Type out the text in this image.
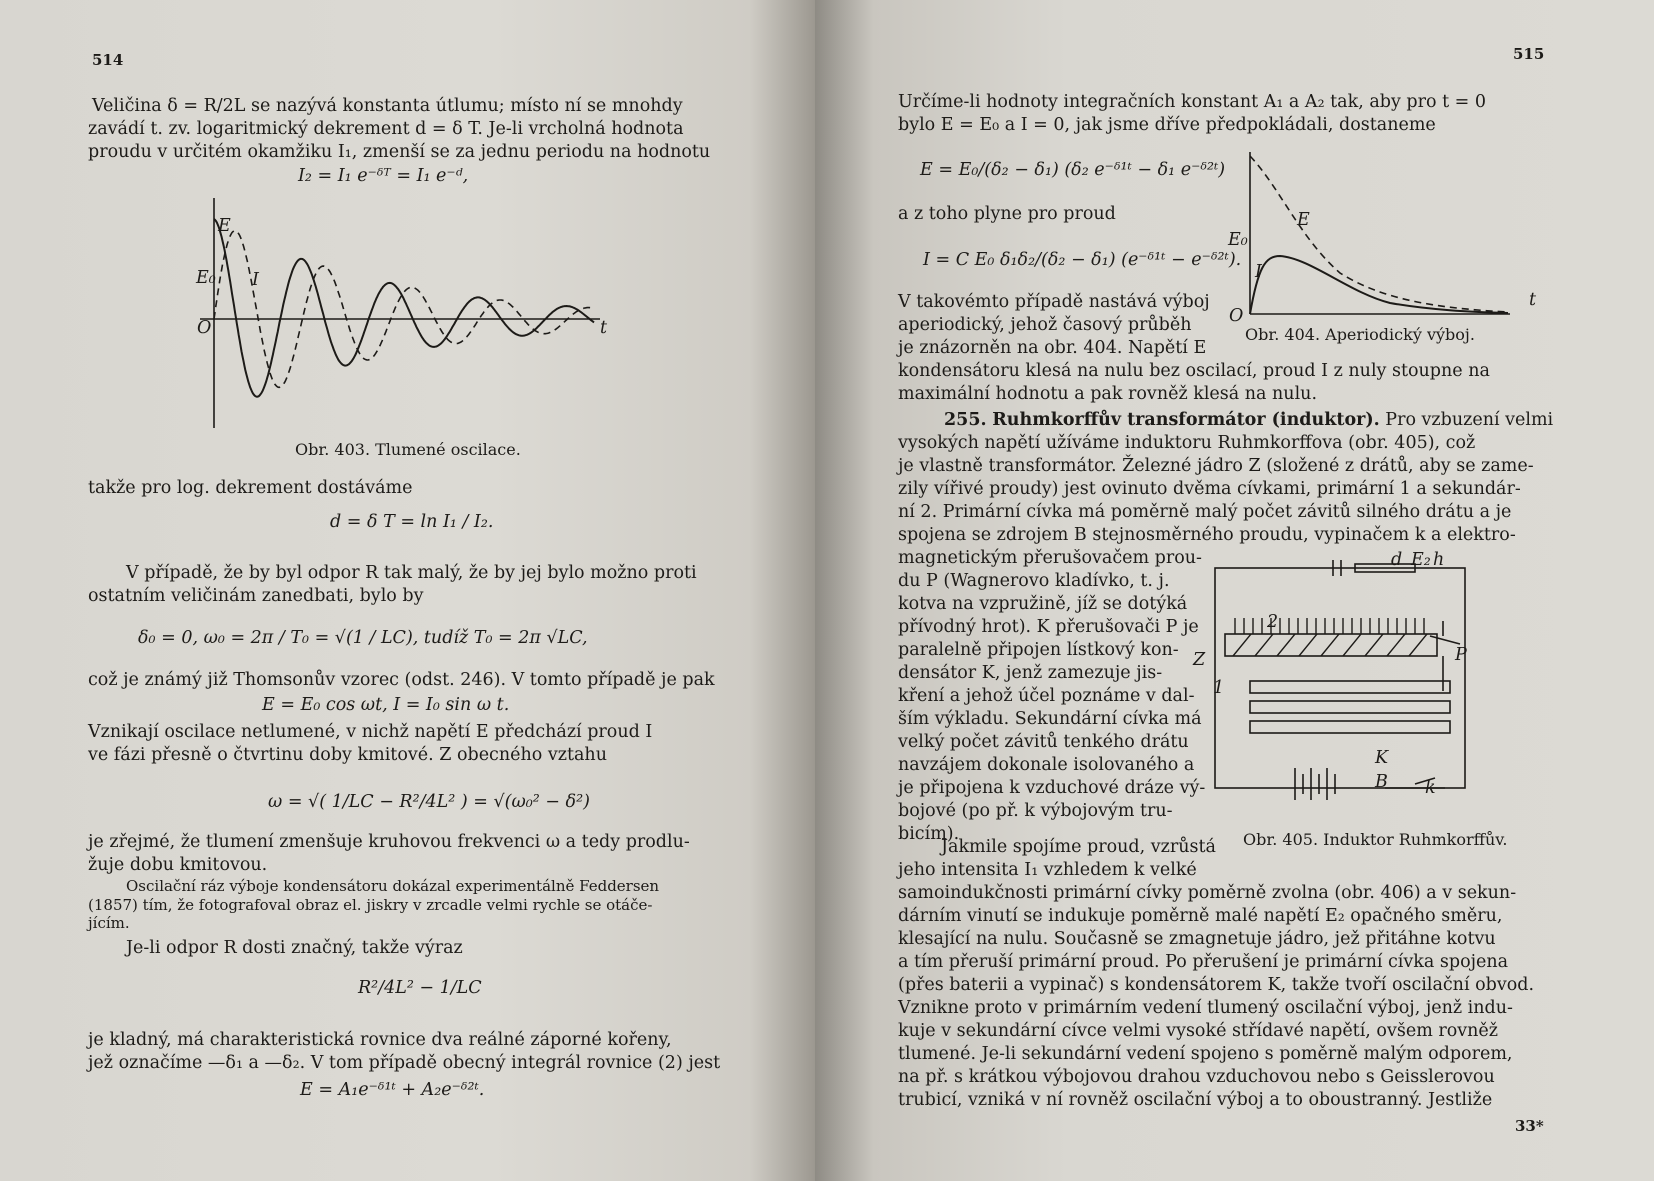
514
Veličina δ = R/2L se nazývá konstanta útlumu; místo ní se mnohdy
zavádí t. zv. logaritmický dekrement d = δ T. Je-li vrcholná hodnota
proudu v určitém okamžiku I₁, zmenší se za jednu periodu na hodnotu
I₂ = I₁ e⁻ᵟᵀ = I₁ e⁻ᵈ,
E
I
E₀
O	t
Obr. 403. Tlumené oscilace.
takže pro log. dekrement dostáváme
d = δ T = ln I₁ / I₂.
V případě, že by byl odpor R tak malý, že by jej bylo možno proti
ostatním veličinám zanedbati, bylo by
δ₀ = 0, ω₀ = 2π / T₀ = √(1 / LC), tudíž T₀ = 2π √LC,
což je známý již Thomsonův vzorec (odst. 246). V tomto případě je pak
E = E₀ cos ωt, I = I₀ sin ω t.
Vznikají oscilace netlumené, v nichž napětí E předchází proud I
ve fázi přesně o čtvrtinu doby kmitové. Z obecného vztahu
ω = √( 1/LC − R²/4L² ) = √(ω₀² − δ²)
je zřejmé, že tlumení zmenšuje kruhovou frekvenci ω a tedy prodlu-
žuje dobu kmitovou.
Oscilační ráz výboje kondensátoru dokázal experimentálně Feddersen
(1857) tím, že fotografoval obraz el. jiskry v zrcadle velmi rychle se otáče-
jícím.
Je-li odpor R dosti značný, takže výraz
R²/4L² − 1/LC
je kladný, má charakteristická rovnice dva reálné záporné kořeny,
jež označíme —δ₁ a —δ₂. V tom případě obecný integrál rovnice (2) jest
E = A₁e⁻ᵟ¹ᵗ + A₂e⁻ᵟ²ᵗ.
515
Určíme-li hodnoty integračních konstant A₁ a A₂ tak, aby pro t = 0
bylo E = E₀ a I = 0, jak jsme dříve předpokládali, dostaneme
E = E₀/(δ₂ − δ₁) (δ₂ e⁻ᵟ¹ᵗ − δ₁ e⁻ᵟ²ᵗ)
a z toho plyne pro proud
I = C E₀ δ₁δ₂/(δ₂ − δ₁) (e⁻ᵟ¹ᵗ − e⁻ᵟ²ᵗ).
V takovémto případě nastává výboj
aperiodický, jehož časový průběh
je znázorněn na obr. 404. Napětí E
kondensátoru klesá na nulu bez oscilací, proud I z nuly stoupne na
maximální hodnotu a pak rovněž klesá na nulu.
E
I
E₀
O
t
Obr. 404. Aperiodický výboj.
255. Ruhmkorffův transformátor (induktor). Pro vzbuzení velmi
vysokých napětí užíváme induktoru Ruhmkorffova (obr. 405), což
je vlastně transformátor. Železné jádro Z (složené z drátů, aby se zame-
zily vířivé proudy) jest ovinuto dvěma cívkami, primární 1 a sekundár-
ní 2. Primární cívka má poměrně malý počet závitů silného drátu a je
spojena se zdrojem B stejnosměrného proudu, vypinačem k a elektro-
magnetickým přerušovačem prou-
du P (Wagnerovo kladívko, t. j.
kotva na vzpružině, jíž se dotýká
přívodný hrot). K přerušovači P je
paralelně připojen lístkový kon-
densátor K, jenž zamezuje jis-
kření a jehož účel poznáme v dal-
ším výkladu. Sekundární cívka má
velký počet závitů tenkého drátu
navzájem dokonale isolovaného a
je připojena k vzduchové dráze vý-
bojové (po př. k výbojovým tru-
bicím).
d E₂ h
2
Z	P
1
K
B k
Obr. 405. Induktor Ruhmkorffův.
Jakmile spojíme proud, vzrůstá
jeho intensita I₁ vzhledem k velké
samoindukčnosti primární cívky poměrně zvolna (obr. 406) a v sekun-
dárním vinutí se indukuje poměrně malé napětí E₂ opačného směru,
klesající na nulu. Současně se zmagnetuje jádro, jež přitáhne kotvu
a tím přeruší primární proud. Po přerušení je primární cívka spojena
(přes baterii a vypinač) s kondensátorem K, takže tvoří oscilační obvod.
Vznikne proto v primárním vedení tlumený oscilační výboj, jenž indu-
kuje v sekundární cívce velmi vysoké střídavé napětí, ovšem rovněž
tlumené. Je-li sekundární vedení spojeno s poměrně malým odporem,
na př. s krátkou výbojovou drahou vzduchovou nebo s Geisslerovou
trubicí, vzniká v ní rovněž oscilační výboj a to oboustranný. Jestliže
33*
